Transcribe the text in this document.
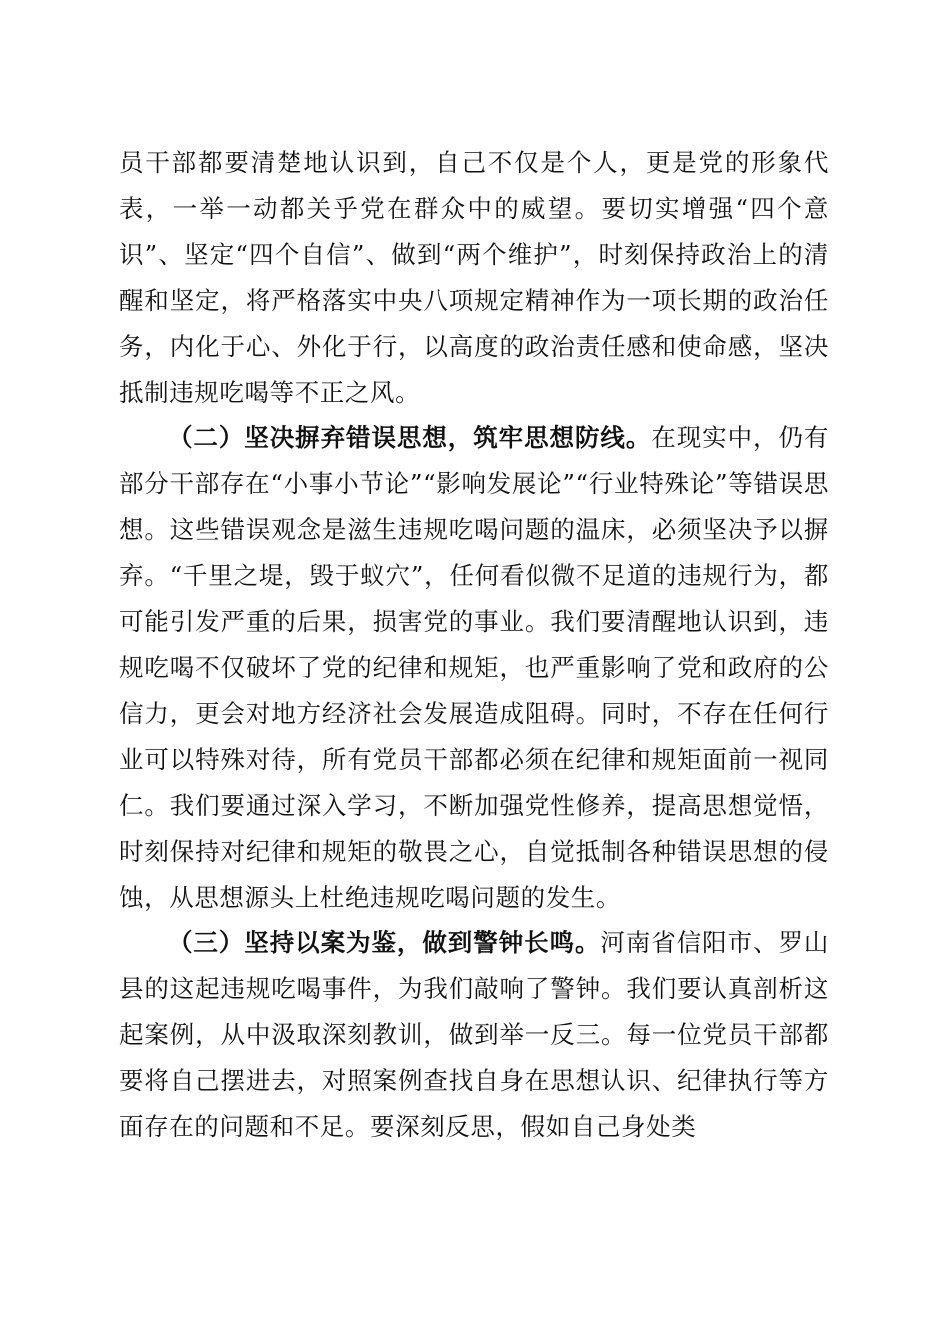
员干部都要清楚地认识到，自己不仅是个人，更是党的形象代表，一举一动都关乎党在群众中的威望。要切实增强“四个意识”、坚定“四个自信”、做到“两个维护”，时刻保持政治上的清醒和坚定，将严格落实中央八项规定精神作为一项长期的政治任务，内化于心、外化于行，以高度的政治责任感和使命感，坚决抵制违规吃喝等不正之风。

（二）坚决摒弃错误思想，筑牢思想防线。在现实中，仍有部分干部存在“小事小节论”“影响发展论”“行业特殊论”等错误思想。这些错误观念是滋生违规吃喝问题的温床，必须坚决予以摒弃。“千里之堤，毁于蚁穴”，任何看似微不足道的违规行为，都可能引发严重的后果，损害党的事业。我们要清醒地认识到，违规吃喝不仅破坏了党的纪律和规矩，也严重影响了党和政府的公信力，更会对地方经济社会发展造成阻碍。同时，不存在任何行业可以特殊对待，所有党员干部都必须在纪律和规矩面前一视同仁。我们要通过深入学习，不断加强党性修养，提高思想觉悟，时刻保持对纪律和规矩的敬畏之心，自觉抵制各种错误思想的侵蚀，从思想源头上杜绝违规吃喝问题的发生。

（三）坚持以案为鉴，做到警钟长鸣。河南省信阳市、罗山县的这起违规吃喝事件，为我们敲响了警钟。我们要认真剖析这起案例，从中汲取深刻教训，做到举一反三。每一位党员干部都要将自己摆进去，对照案例查找自身在思想认识、纪律执行等方面存在的问题和不足。要深刻反思，假如自己身处类
